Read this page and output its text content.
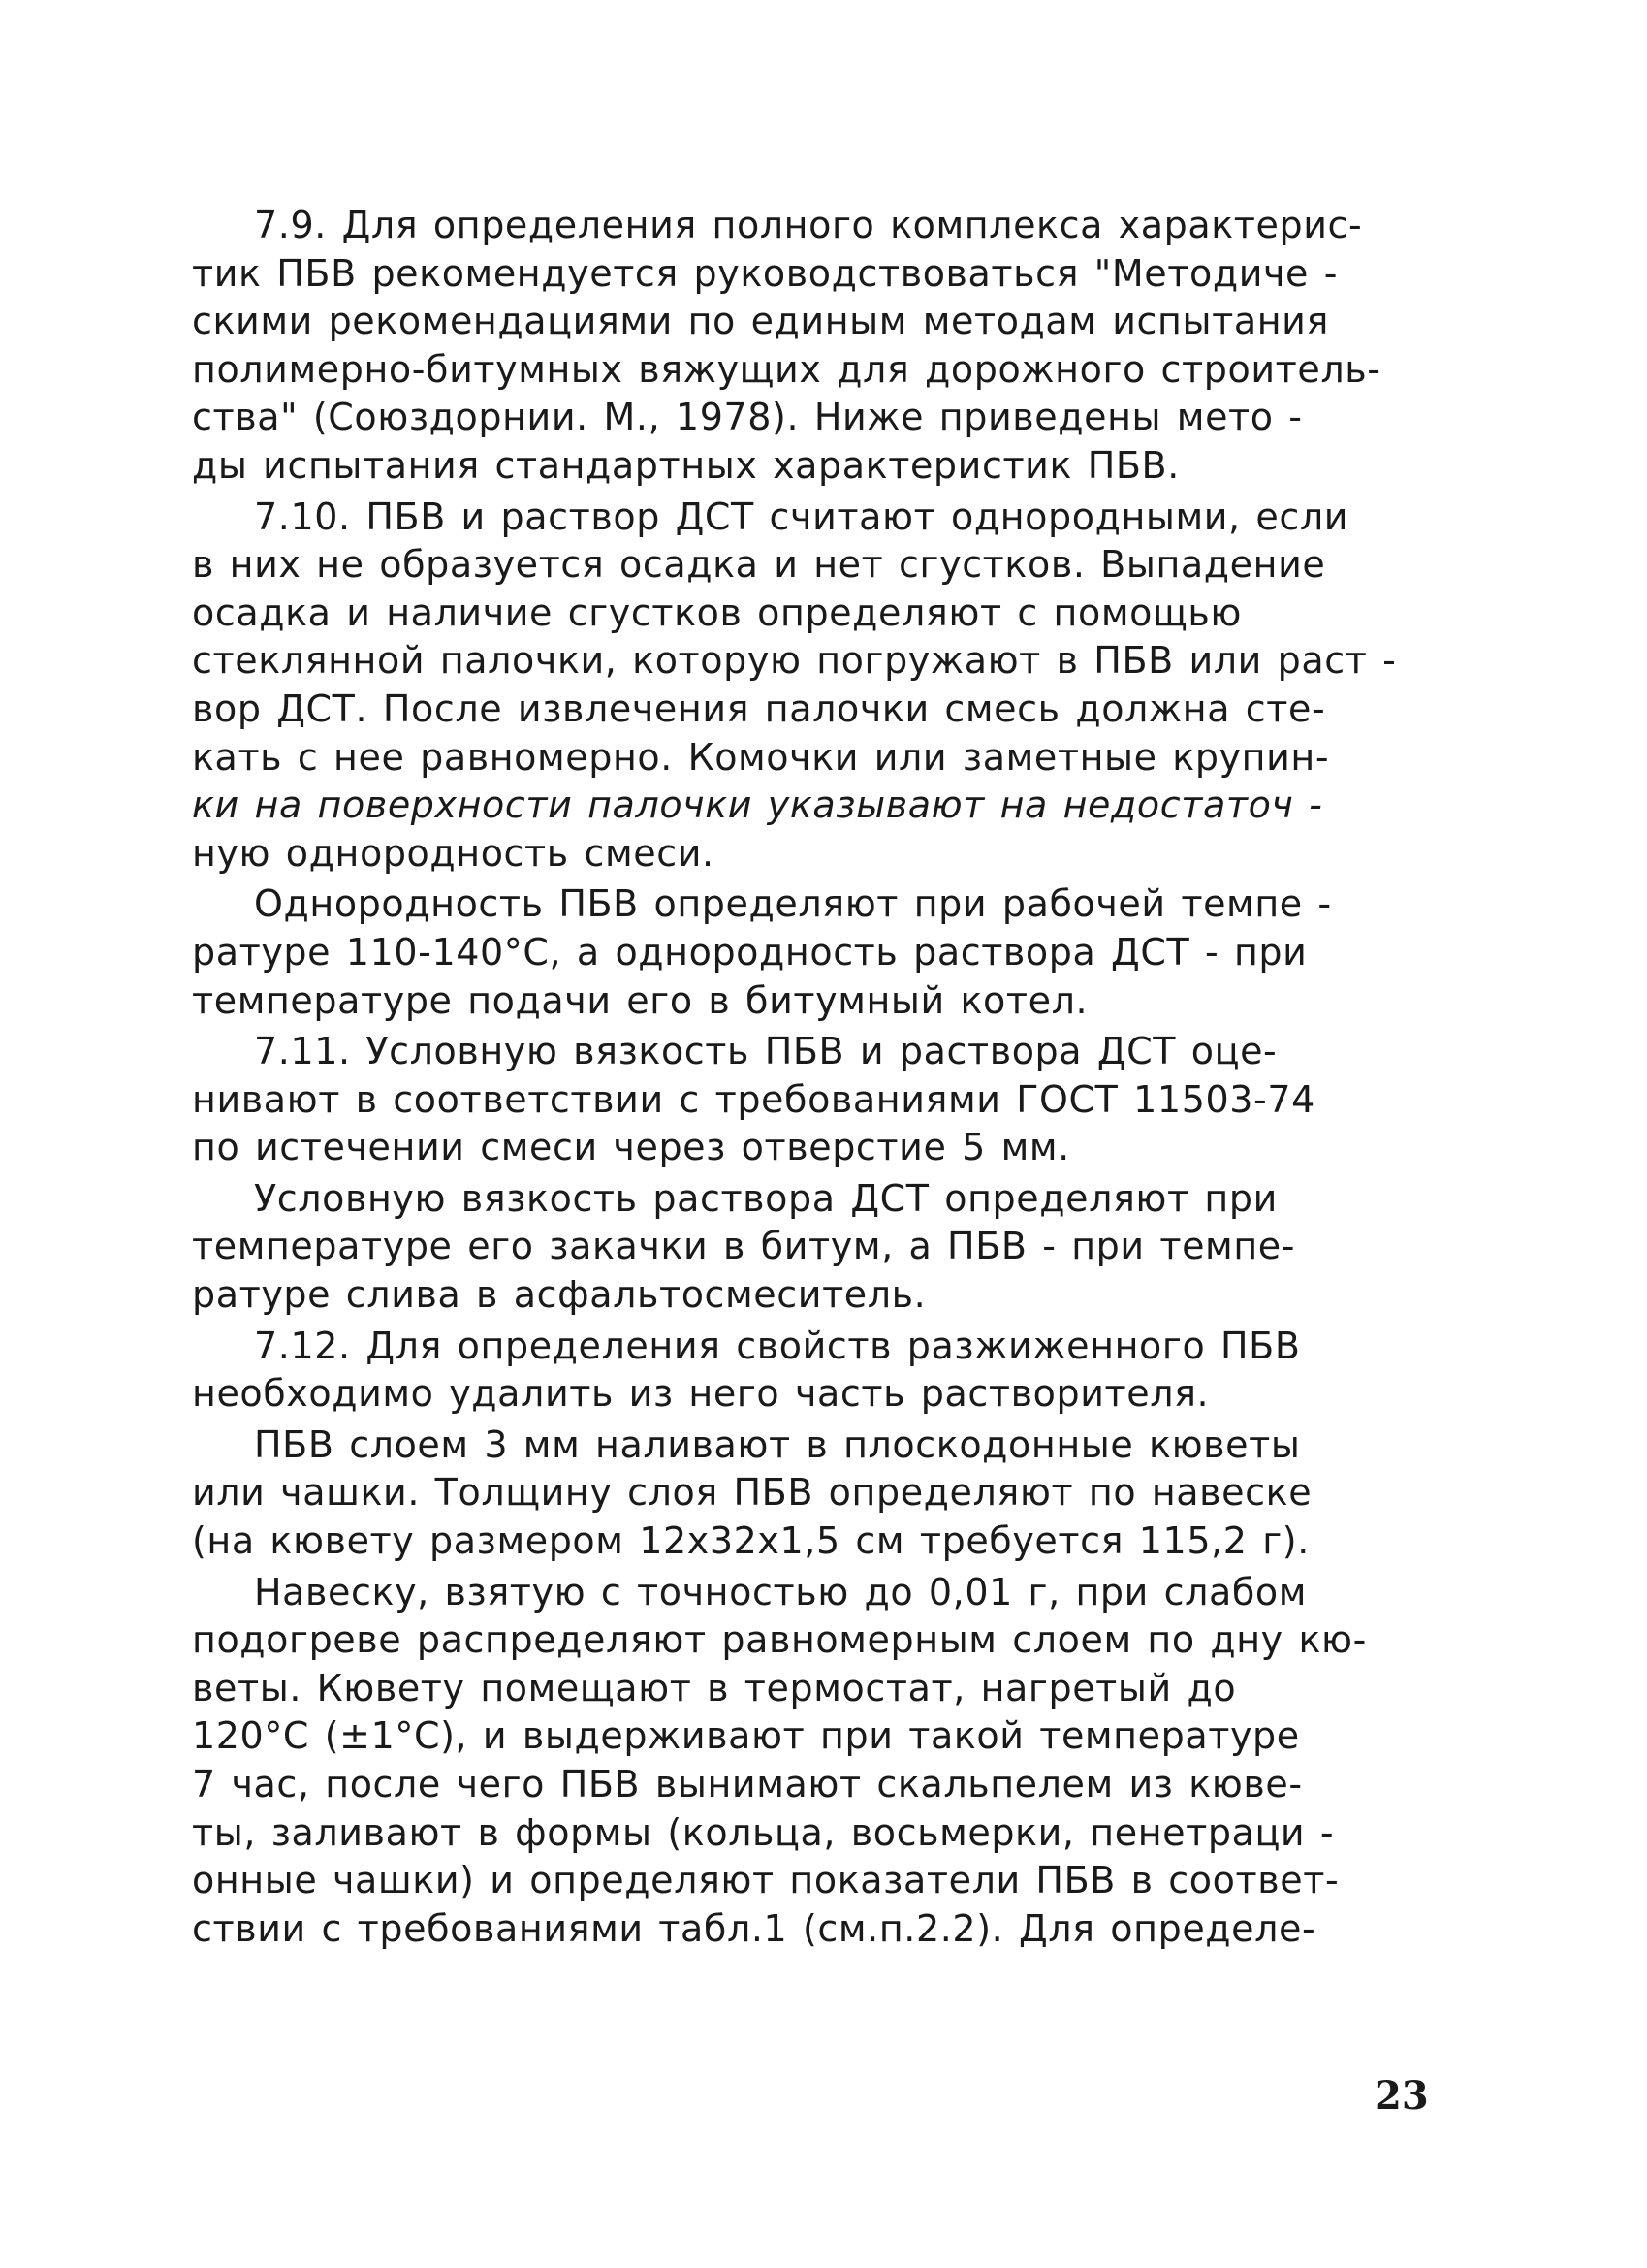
7.9. Для определения полного комплекса характерис-
тик ПБВ рекомендуется руководствоваться "Методиче -
скими рекомендациями по единым методам испытания
полимерно-битумных вяжущих для дорожного строитель-
ства" (Союздорнии. М., 1978). Ниже приведены мето -
ды испытания стандартных характеристик ПБВ.
7.10. ПБВ и раствор ДСТ считают однородными, если
в них не образуется осадка и нет сгустков. Выпадение
осадка и наличие сгустков определяют с помощью
стеклянной палочки, которую погружают в ПБВ или раст -
вор ДСТ. После извлечения палочки смесь должна сте-
кать с нее равномерно. Комочки или заметные крупин-
ки на поверхности палочки указывают на недостаточ -
ную однородность смеси.
Однородность ПБВ определяют при рабочей темпе -
ратуре 110-140°С, а однородность раствора ДСТ - при
температуре подачи его в битумный котел.
7.11. Условную вязкость ПБВ и раствора ДСТ оце-
нивают в соответствии с требованиями ГОСТ 11503-74
по истечении смеси через отверстие 5 мм.
Условную вязкость раствора ДСТ определяют при
температуре его закачки в битум, а ПБВ - при темпе-
ратуре слива в асфальтосмеситель.
7.12. Для определения свойств разжиженного ПБВ
необходимо удалить из него часть растворителя.
ПБВ слоем 3 мм наливают в плоскодонные кюветы
или чашки. Толщину слоя ПБВ определяют по навеске
(на кювету размером 12х32х1,5 см требуется 115,2 г).
Навеску, взятую с точностью до 0,01 г, при слабом
подогреве распределяют равномерным слоем по дну кю-
веты. Кювету помещают в термостат, нагретый до
120°С (±1°С), и выдерживают при такой температуре
7 час, после чего ПБВ вынимают скальпелем из кюве-
ты, заливают в формы (кольца, восьмерки, пенетраци -
онные чашки) и определяют показатели ПБВ в соответ-
ствии с требованиями табл.1 (см.п.2.2). Для определе-
23
